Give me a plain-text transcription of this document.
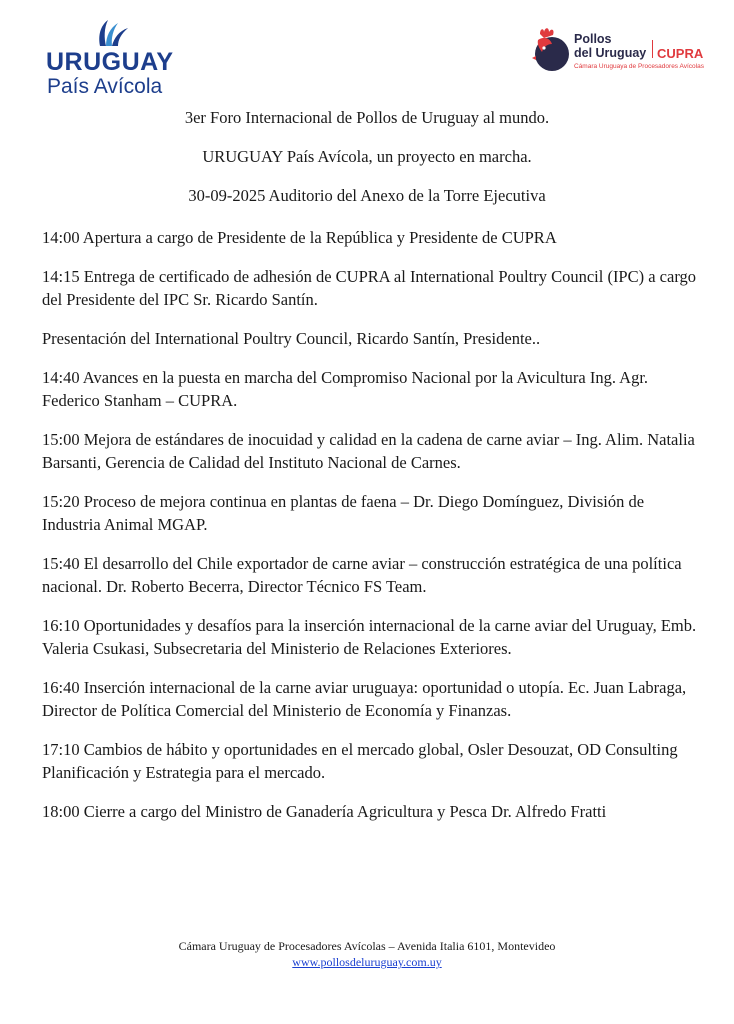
URUGUAY
País Avícola
Pollos
del Uruguay CUPRA
Cámara Uruguaya de Procesadores Avícolas
3er Foro Internacional de Pollos de Uruguay al mundo.
URUGUAY País Avícola, un proyecto en marcha.
30-09-2025 Auditorio del Anexo de la Torre Ejecutiva
14:00 Apertura a cargo de Presidente de la República y Presidente de CUPRA
14:15 Entrega de certificado de adhesión de CUPRA al International Poultry Council (IPC) a cargo del Presidente del IPC Sr. Ricardo Santín.
Presentación del International Poultry Council, Ricardo Santín, Presidente..
14:40 Avances en la puesta en marcha del Compromiso Nacional por la Avicultura Ing. Agr. Federico Stanham – CUPRA.
15:00 Mejora de estándares de inocuidad y calidad en la cadena de carne aviar – Ing. Alim. Natalia Barsanti, Gerencia de Calidad del Instituto Nacional de Carnes.
15:20 Proceso de mejora continua en plantas de faena – Dr. Diego Domínguez, División de Industria Animal MGAP.
15:40 El desarrollo del Chile exportador de carne aviar – construcción estratégica de una política nacional. Dr. Roberto Becerra, Director Técnico FS Team.
16:10 Oportunidades y desafíos para la inserción internacional de la carne aviar del Uruguay, Emb. Valeria Csukasi, Subsecretaria del Ministerio de Relaciones Exteriores.
16:40 Inserción internacional de la carne aviar uruguaya: oportunidad o utopía. Ec. Juan Labraga, Director de Política Comercial del Ministerio de Economía y Finanzas.
17:10 Cambios de hábito y oportunidades en el mercado global, Osler Desouzat, OD Consulting Planificación y Estrategia para el mercado.
18:00 Cierre a cargo del Ministro de Ganadería Agricultura y Pesca Dr. Alfredo Fratti
Cámara Uruguay de Procesadores Avícolas – Avenida Italia 6101, Montevideo
www.pollosdeluruguay.com.uy
